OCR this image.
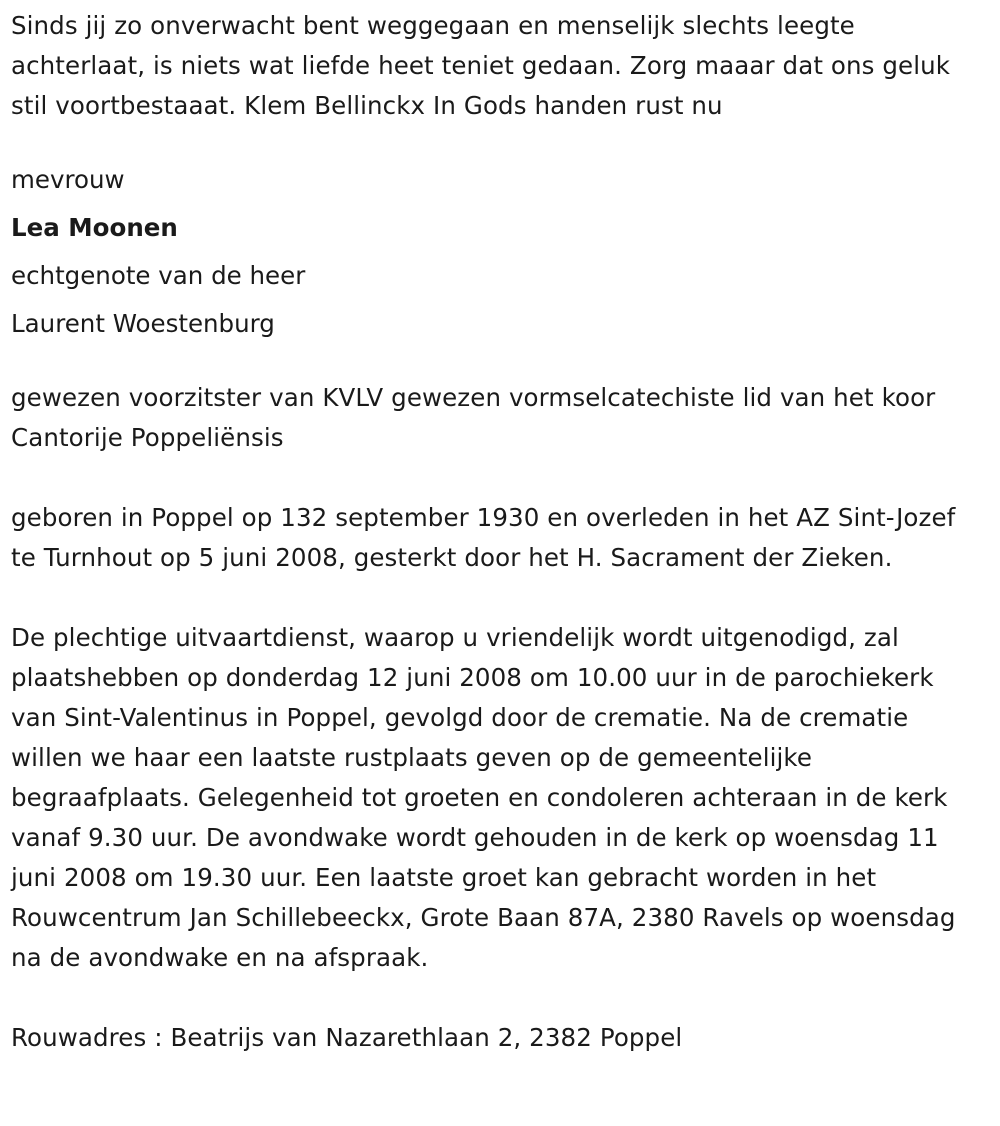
Sinds jij zo onverwacht bent weggegaan en menselijk slechts leegte achterlaat, is niets wat liefde heet teniet gedaan. Zorg maaar dat ons geluk stil voortbestaaat. Klem Bellinckx In Gods handen rust nu

mevrouw

Lea Moonen

echtgenote van de heer

Laurent Woestenburg

gewezen voorzitster van KVLV gewezen vormselcatechiste lid van het koor Cantorije Poppeliënsis

geboren in Poppel op 132 september 1930 en overleden in het AZ Sint-Jozef te Turnhout op 5 juni 2008, gesterkt door het H. Sacrament der Zieken.

De plechtige uitvaartdienst, waarop u vriendelijk wordt uitgenodigd, zal plaatshebben op donderdag 12 juni 2008 om 10.00 uur in de parochiekerk van Sint-Valentinus in Poppel, gevolgd door de crematie. Na de crematie willen we haar een laatste rustplaats geven op de gemeentelijke begraafplaats. Gelegenheid tot groeten en condoleren achteraan in de kerk vanaf 9.30 uur. De avondwake wordt gehouden in de kerk op woensdag 11 juni 2008 om 19.30 uur. Een laatste groet kan gebracht worden in het Rouwcentrum Jan Schillebeeckx, Grote Baan 87A, 2380 Ravels op woensdag na de avondwake en na afspraak.

Rouwadres : Beatrijs van Nazarethlaan 2, 2382 Poppel
